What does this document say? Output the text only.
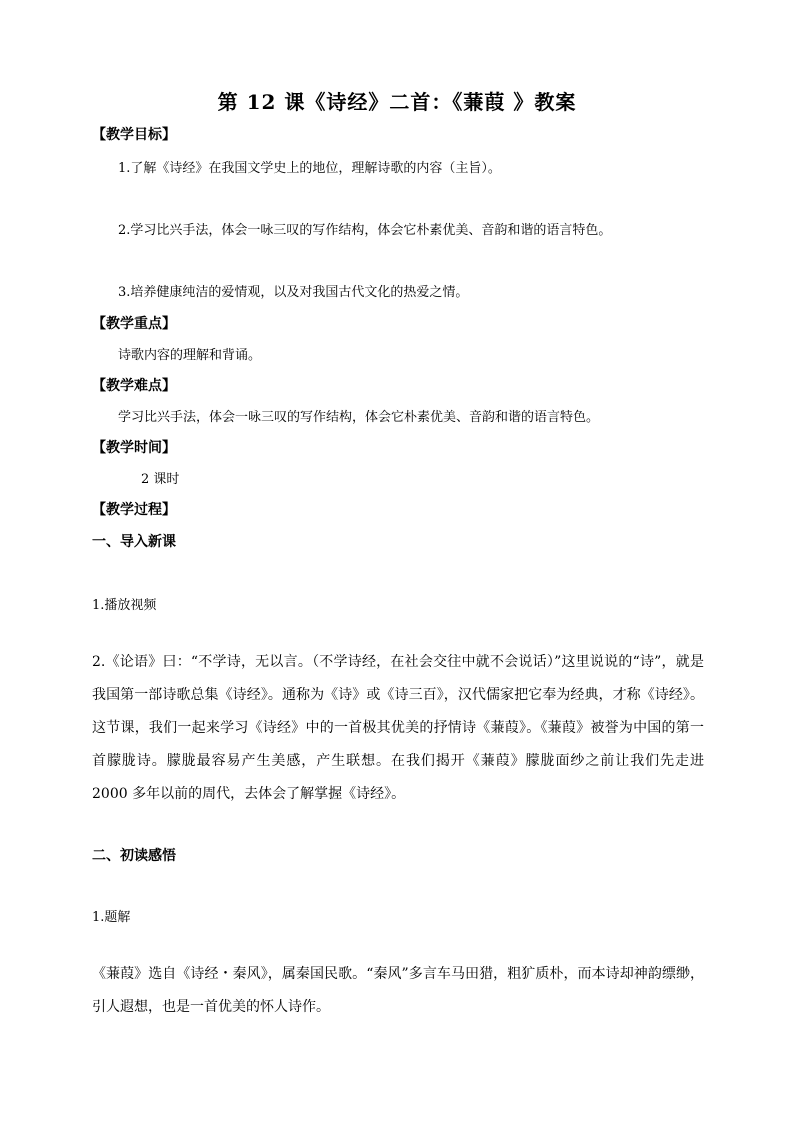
第 12 课《诗经》二首：《蒹葭 》教案
【教学目标】
1.了解《诗经》在我国文学史上的地位，理解诗歌的内容（主旨）。
2.学习比兴手法，体会一咏三叹的写作结构，体会它朴素优美、音韵和谐的语言特色。
3.培养健康纯洁的爱情观，以及对我国古代文化的热爱之情。
【教学重点】
诗歌内容的理解和背诵。
【教学难点】
学习比兴手法，体会一咏三叹的写作结构，体会它朴素优美、音韵和谐的语言特色。
【教学时间】
2 课时
【教学过程】
一、导入新课
1.播放视频
2.《论语》曰：“不学诗，无以言。（不学诗经，在社会交往中就不会说话）”这里说说的“诗”，就是我国第一部诗歌总集《诗经》。通称为《诗》或《诗三百》，汉代儒家把它奉为经典，才称《诗经》。这节课，我们一起来学习《诗经》中的一首极其优美的抒情诗《蒹葭》。《蒹葭》被誉为中国的第一首朦胧诗。朦胧最容易产生美感，产生联想。在我们揭开《蒹葭》朦胧面纱之前让我们先走进 2000 多年以前的周代，去体会了解掌握《诗经》。
二、初读感悟
1.题解
《蒹葭》选自《诗经・秦风》，属秦国民歌。“秦风”多言车马田猎，粗犷质朴，而本诗却神韵缥缈，引人遐想，也是一首优美的怀人诗作。
